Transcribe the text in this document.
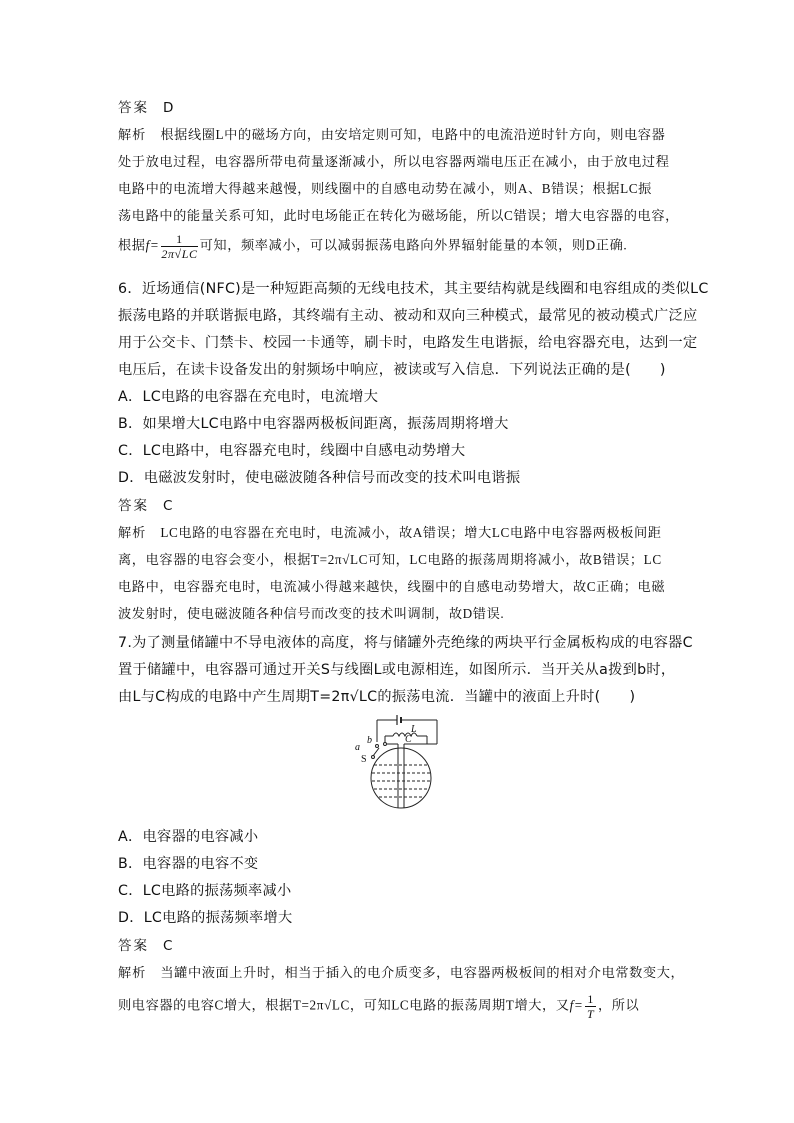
答案 D
解析 根据线圈L中的磁场方向，由安培定则可知，电路中的电流沿逆时针方向，则电容器
处于放电过程，电容器所带电荷量逐渐减小，所以电容器两端电压正在减小，由于放电过程
电路中的电流增大得越来越慢，则线圈中的自感电动势在减小，则A、B错误；根据LC振
荡电路中的能量关系可知，此时电场能正在转化为磁场能，所以C错误；增大电容器的电容，
根据$f= \frac{1}{2\pi√LC}$ 可知，频率减小，可以减弱振荡电路向外界辐射能量的本领，则D正确.
6．近场通信(NFC)是一种短距高频的无线电技术，其主要结构就是线圈和电容组成的类似LC
振荡电路的并联谐振电路，其终端有主动、被动和双向三种模式，最常见的被动模式广泛应
用于公交卡、门禁卡、校园一卡通等，刷卡时，电路发生电谐振，给电容器充电，达到一定
电压后，在读卡设备发出的射频场中响应，被读或写入信息．下列说法正确的是(　　)
A．LC电路的电容器在充电时，电流增大
B．如果增大LC电路中电容器两极板间距离，振荡周期将增大
C．LC电路中，电容器充电时，线圈中自感电动势增大
D．电磁波发射时，使电磁波随各种信号而改变的技术叫电谐振
答案 C
解析 LC电路的电容器在充电时，电流减小，故A错误；增大LC电路中电容器两极板间距
离，电容器的电容会变小，根据T=2π√LC可知，LC电路的振荡周期将减小，故B错误；LC
电路中，电容器充电时，电流减小得越来越快，线圈中的自感电动势增大，故C正确；电磁
波发射时，使电磁波随各种信号而改变的技术叫调制，故D错误.
7.为了测量储罐中不导电液体的高度，将与储罐外壳绝缘的两块平行金属板构成的电容器C
置于储罐中，电容器可通过开关S与线圈L或电源相连，如图所示．当开关从a拨到b时，
由L与C构成的电路中产生周期T=2π√LC的振荡电流．当罐中的液面上升时(　　)
L
C
a
b
S
A．电容器的电容减小
B．电容器的电容不变
C．LC电路的振荡频率减小
D．LC电路的振荡频率增大
答案 C
解析 当罐中液面上升时，相当于插入的电介质变多，电容器两极板间的相对介电常数变大，
则电容器的电容C增大，根据T=2π√LC，可知LC电路的振荡周期T增大，又$f= \frac{1}{T}$ ，所以
